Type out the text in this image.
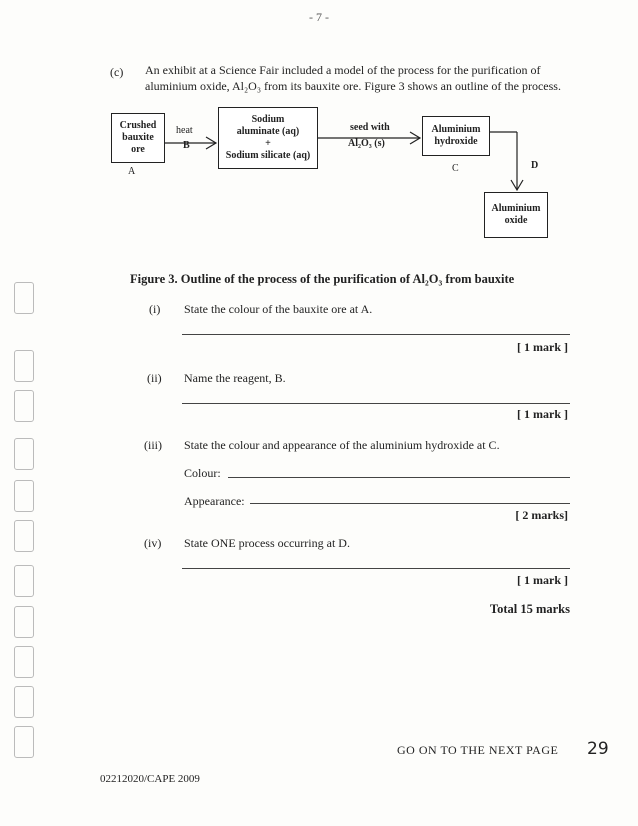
- 7 -
(c) An exhibit at a Science Fair included a model of the process for the purification of aluminium oxide, Al₂O₃ from its bauxite ore. Figure 3 shows an outline of the process.
Crushed
bauxite
ore
Sodium
aluminate (aq)
+
Sodium silicate (aq)
Aluminium
hydroxide
Aluminium
oxide
heat
B
seed with
Al₂O₃ (s)
A	C	D
Figure 3. Outline of the process of the purification of Al₂O₃ from bauxite
(i) State the colour of the bauxite ore at A.
[ 1 mark ]
(ii) Name the reagent, B.
[ 1 mark ]
(iii) State the colour and appearance of the aluminium hydroxide at C.
Colour:
Appearance:
[ 2 marks]
(iv) State ONE process occurring at D.
[ 1 mark ]
Total 15 marks
GO ON TO THE NEXT PAGE 29
02212020/CAPE 2009
